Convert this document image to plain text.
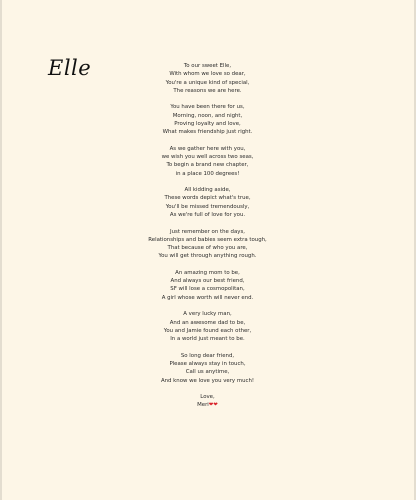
Elle	To our sweet Elle,
With whom we love so dear,
You're a unique kind of special,
The reasons we are here.
You have been there for us,
Morning, noon, and night,
Proving loyalty and love,
What makes friendship just right.
As we gather here with you,
we wish you well across two seas,
To begin a brand new chapter,
in a place 100 degrees!
All kidding aside,
These words depict what's true,
You'll be missed tremendously,
As we're full of love for you.
Just remember on the days,
Relationships and babies seem extra tough,
That because of who you are,
You will get through anything rough.
An amazing mom to be,
And always our best friend,
SF will lose a cosmopolitan,
A girl whose worth will never end.
A very lucky man,
And an awesome dad to be,
You and Jamie found each other,
In a world just meant to be.
So long dear friend,
Please always stay in touch,
Call us anytime,
And know we love you very much!
Love,
Meri❤❤
